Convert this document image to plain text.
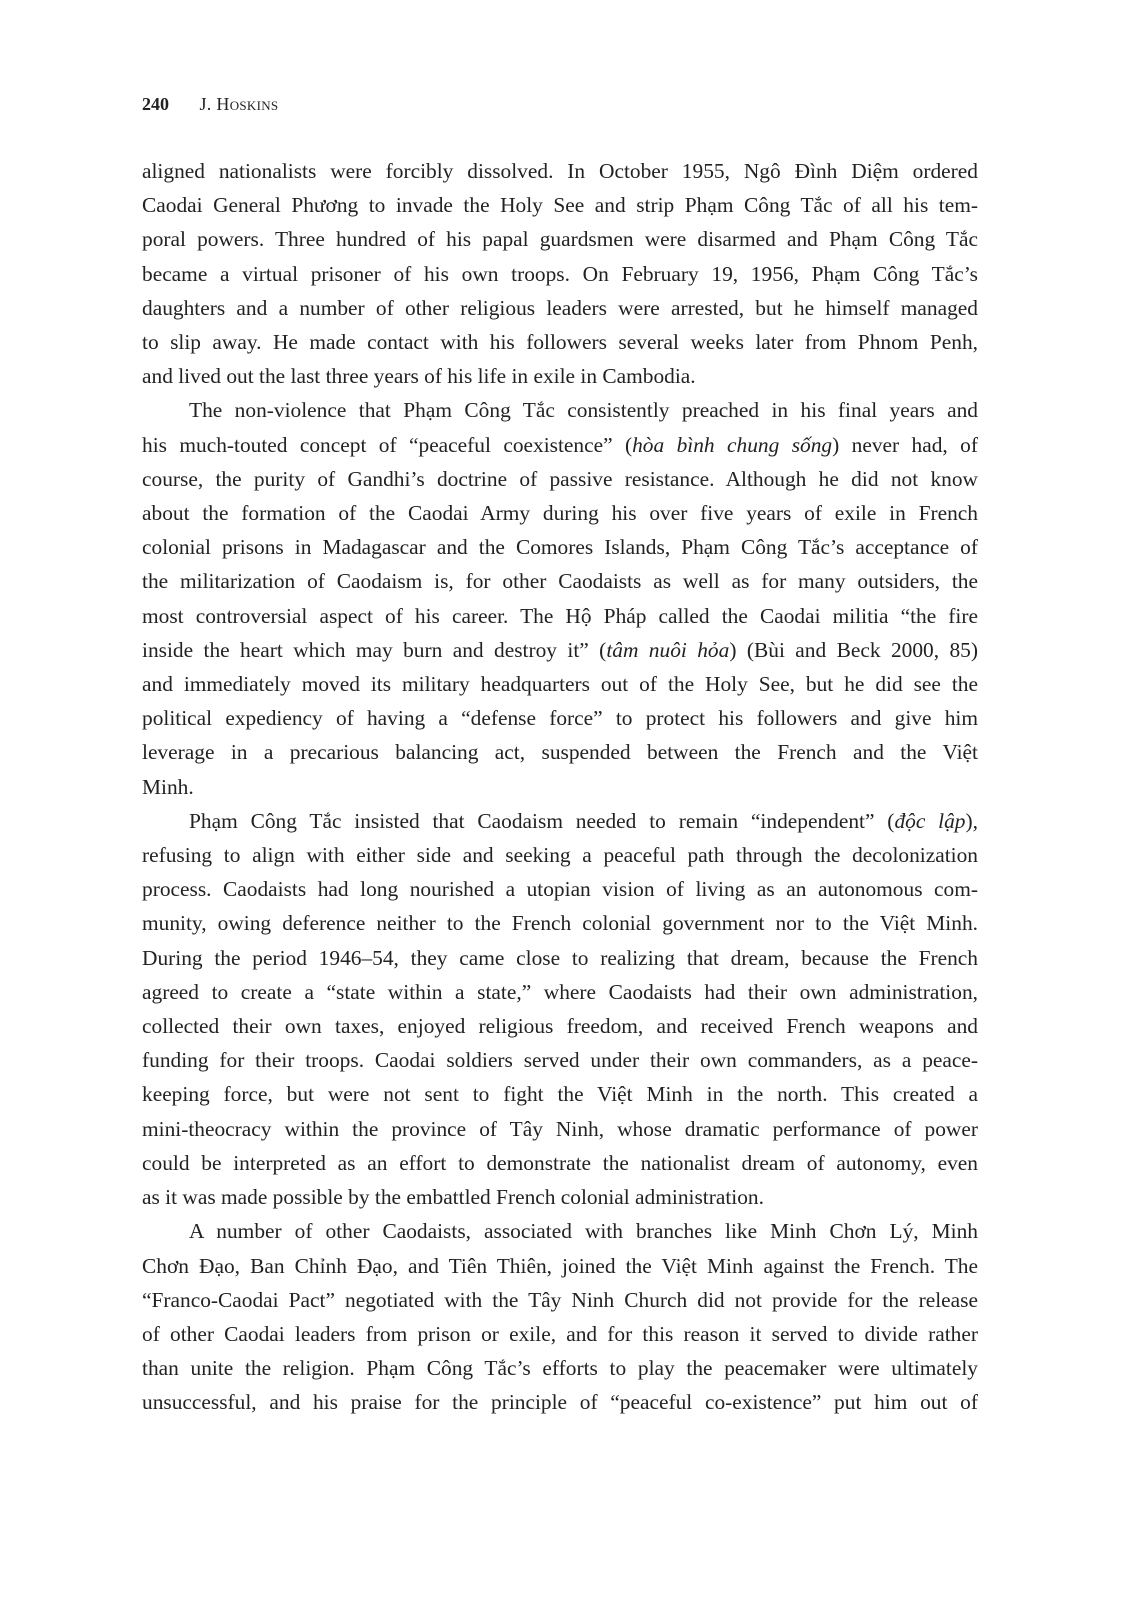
240 J. Hoskins
aligned nationalists were forcibly dissolved. In October 1955, Ngô Đình Diệm ordered
Caodai General Phương to invade the Holy See and strip Phạm Công Tắc of all his tem-
poral powers. Three hundred of his papal guardsmen were disarmed and Phạm Công Tắc
became a virtual prisoner of his own troops. On February 19, 1956, Phạm Công Tắc’s
daughters and a number of other religious leaders were arrested, but he himself managed
to slip away. He made contact with his followers several weeks later from Phnom Penh,
and lived out the last three years of his life in exile in Cambodia.
The non-violence that Phạm Công Tắc consistently preached in his final years and
his much-touted concept of “peaceful coexistence” (hòa bình chung sống) never had, of
course, the purity of Gandhi’s doctrine of passive resistance. Although he did not know
about the formation of the Caodai Army during his over five years of exile in French
colonial prisons in Madagascar and the Comores Islands, Phạm Công Tắc’s acceptance of
the militarization of Caodaism is, for other Caodaists as well as for many outsiders, the
most controversial aspect of his career. The Hộ Pháp called the Caodai militia “the fire
inside the heart which may burn and destroy it” (tâm nuôi hỏa) (Bùi and Beck 2000, 85)
and immediately moved its military headquarters out of the Holy See, but he did see the
political expediency of having a “defense force” to protect his followers and give him
leverage in a precarious balancing act, suspended between the French and the Việt
Minh.
Phạm Công Tắc insisted that Caodaism needed to remain “independent” (độc lập),
refusing to align with either side and seeking a peaceful path through the decolonization
process. Caodaists had long nourished a utopian vision of living as an autonomous com-
munity, owing deference neither to the French colonial government nor to the Việt Minh.
During the period 1946–54, they came close to realizing that dream, because the French
agreed to create a “state within a state,” where Caodaists had their own administration,
collected their own taxes, enjoyed religious freedom, and received French weapons and
funding for their troops. Caodai soldiers served under their own commanders, as a peace-
keeping force, but were not sent to fight the Việt Minh in the north. This created a
mini-theocracy within the province of Tây Ninh, whose dramatic performance of power
could be interpreted as an effort to demonstrate the nationalist dream of autonomy, even
as it was made possible by the embattled French colonial administration.
A number of other Caodaists, associated with branches like Minh Chơn Lý, Minh
Chơn Đạo, Ban Chỉnh Đạo, and Tiên Thiên, joined the Việt Minh against the French. The
“Franco-Caodai Pact” negotiated with the Tây Ninh Church did not provide for the release
of other Caodai leaders from prison or exile, and for this reason it served to divide rather
than unite the religion. Phạm Công Tắc’s efforts to play the peacemaker were ultimately
unsuccessful, and his praise for the principle of “peaceful co-existence” put him out of
